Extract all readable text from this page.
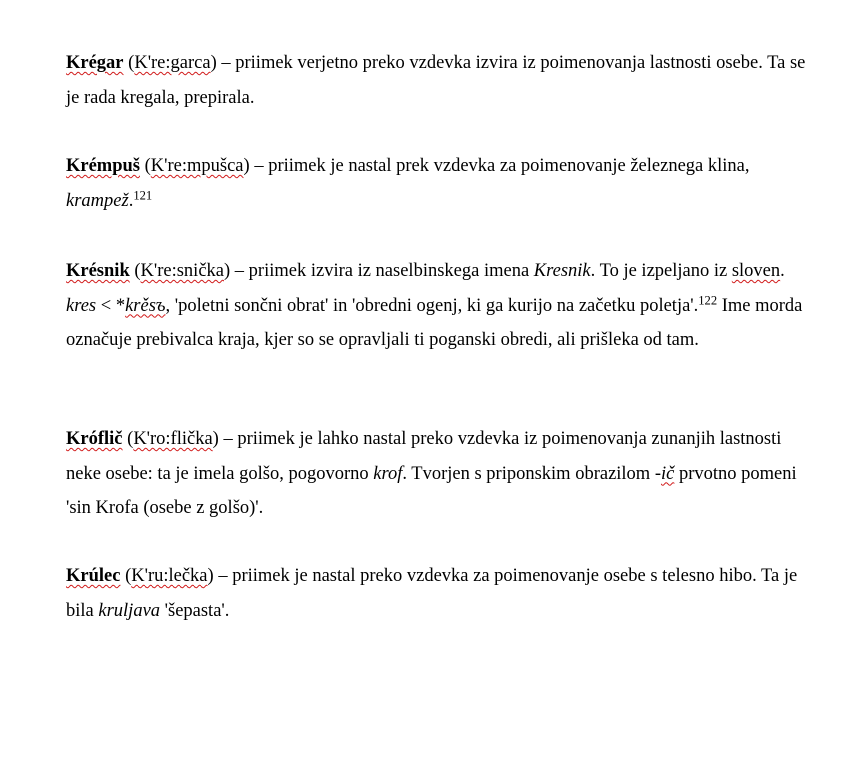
Krégar (K're:garca) – priimek verjetno preko vzdevka izvira iz poimenovanja lastnosti osebe. Ta se je rada kregala, prepirala.

Krémpuš (K're:mpušca) – priimek je nastal prek vzdevka za poimenovanje železnega klina, krampež.$^{121}$

Krésnik (K're:snička) – priimek izvira iz naselbinskega imena Kresnik. To je izpeljano iz sloven. kres < *krěsъ, 'poletni sončni obrat' in 'obredni ogenj, ki ga kurijo na začetku poletja'.$^{122}$ Ime morda označuje prebivalca kraja, kjer so se opravljali ti poganski obredi, ali prišleka od tam.

Króflič (K'ro:flička) – priimek je lahko nastal preko vzdevka iz poimenovanja zunanjih lastnosti neke osebe: ta je imela golšo, pogovorno krof. Tvorjen s priponskim obrazilom -ič prvotno pomeni 'sin Krofa (osebe z golšo)'.

Krúlec (K'ru:lečka) – priimek je nastal preko vzdevka za poimenovanje osebe s telesno hibo. Ta je bila kruljava 'šepasta'.
